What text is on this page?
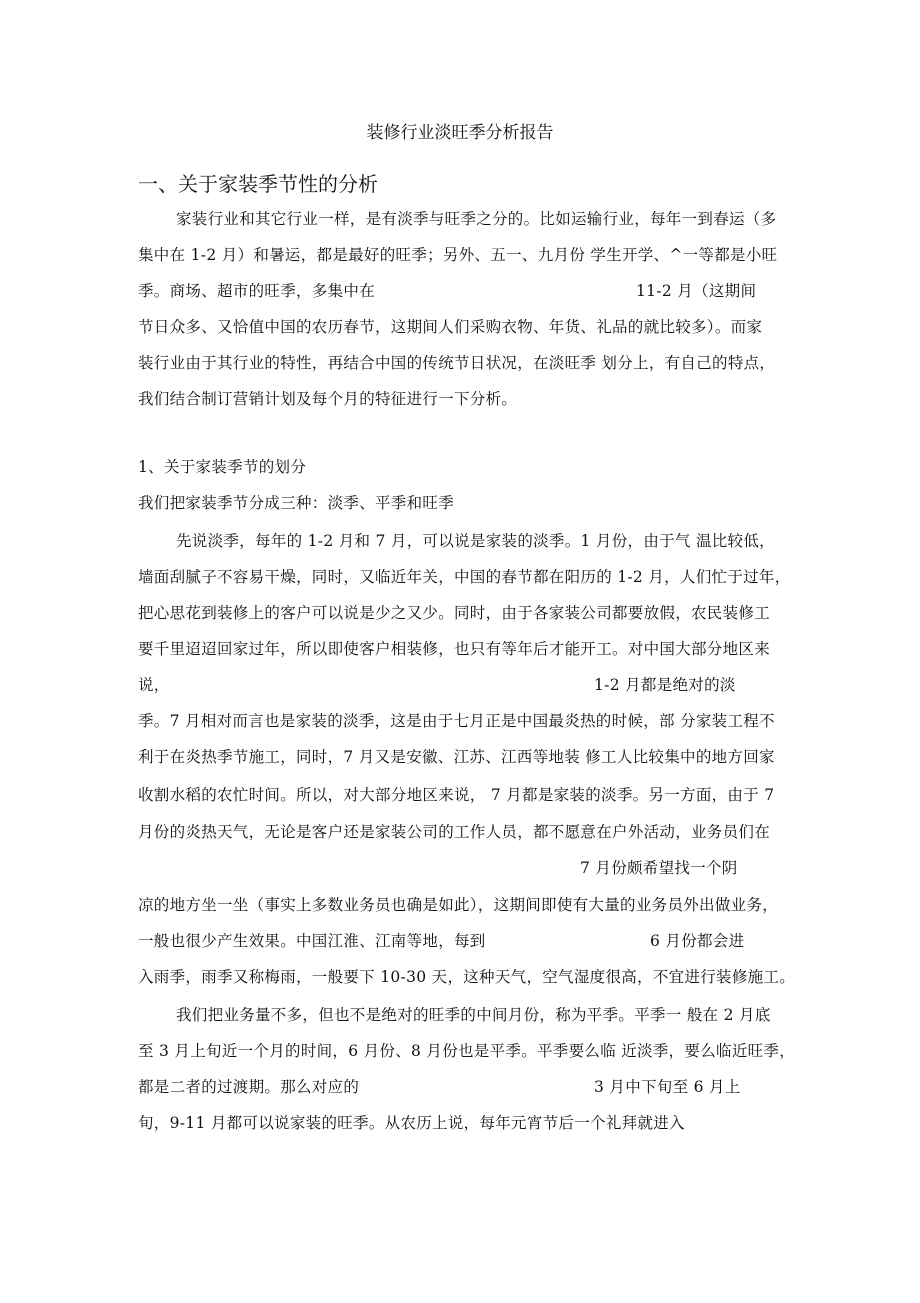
装修行业淡旺季分析报告
一、关于家装季节性的分析
家装行业和其它行业一样，是有淡季与旺季之分的。比如运输行业，每年一到春运（多
集中在 1-2 月）和暑运，都是最好的旺季；另外、五一、九月份 学生开学、^一等都是小旺
季。商场、超市的旺季，多集中在	11-2 月（这期间
节日众多、又恰值中国的农历春节，这期间人们采购衣物、年货、礼品的就比较多）。而家
装行业由于其行业的特性，再结合中国的传统节日状况，在淡旺季 划分上，有自己的特点，
我们结合制订营销计划及每个月的特征进行一下分析。
1、关于家装季节的划分
我们把家装季节分成三种：淡季、平季和旺季
先说淡季，每年的 1-2 月和 7 月，可以说是家装的淡季。1 月份，由于气 温比较低，
墙面刮腻子不容易干燥，同时，又临近年关，中国的春节都在阳历的 1-2 月，人们忙于过年，
把心思花到装修上的客户可以说是少之又少。同时，由于各家装公司都要放假，农民装修工
要千里迢迢回家过年，所以即使客户相装修，也只有等年后才能开工。对中国大部分地区来
说，	1-2 月都是绝对的淡
季。7 月相对而言也是家装的淡季，这是由于七月正是中国最炎热的时候，部 分家装工程不
利于在炎热季节施工，同时，7 月又是安徽、江苏、江西等地装 修工人比较集中的地方回家
收割水稻的农忙时间。所以，对大部分地区来说， 7 月都是家装的淡季。另一方面，由于 7
月份的炎热天气，无论是客户还是家装公司的工作人员，都不愿意在户外活动，业务员们在
7 月份颇希望找一个阴
凉的地方坐一坐（事实上多数业务员也确是如此），这期间即使有大量的业务员外出做业务，
一般也很少产生效果。中国江淮、江南等地，每到	6 月份都会进
入雨季，雨季又称梅雨，一般要下 10-30 天，这种天气，空气湿度很高，不宜进行装修施工。
我们把业务量不多，但也不是绝对的旺季的中间月份，称为平季。平季一 般在 2 月底
至 3 月上旬近一个月的时间，6 月份、8 月份也是平季。平季要么临 近淡季，要么临近旺季，
都是二者的过渡期。那么对应的	3 月中下旬至 6 月上
旬，9-11 月都可以说家装的旺季。从农历上说，每年元宵节后一个礼拜就进入
